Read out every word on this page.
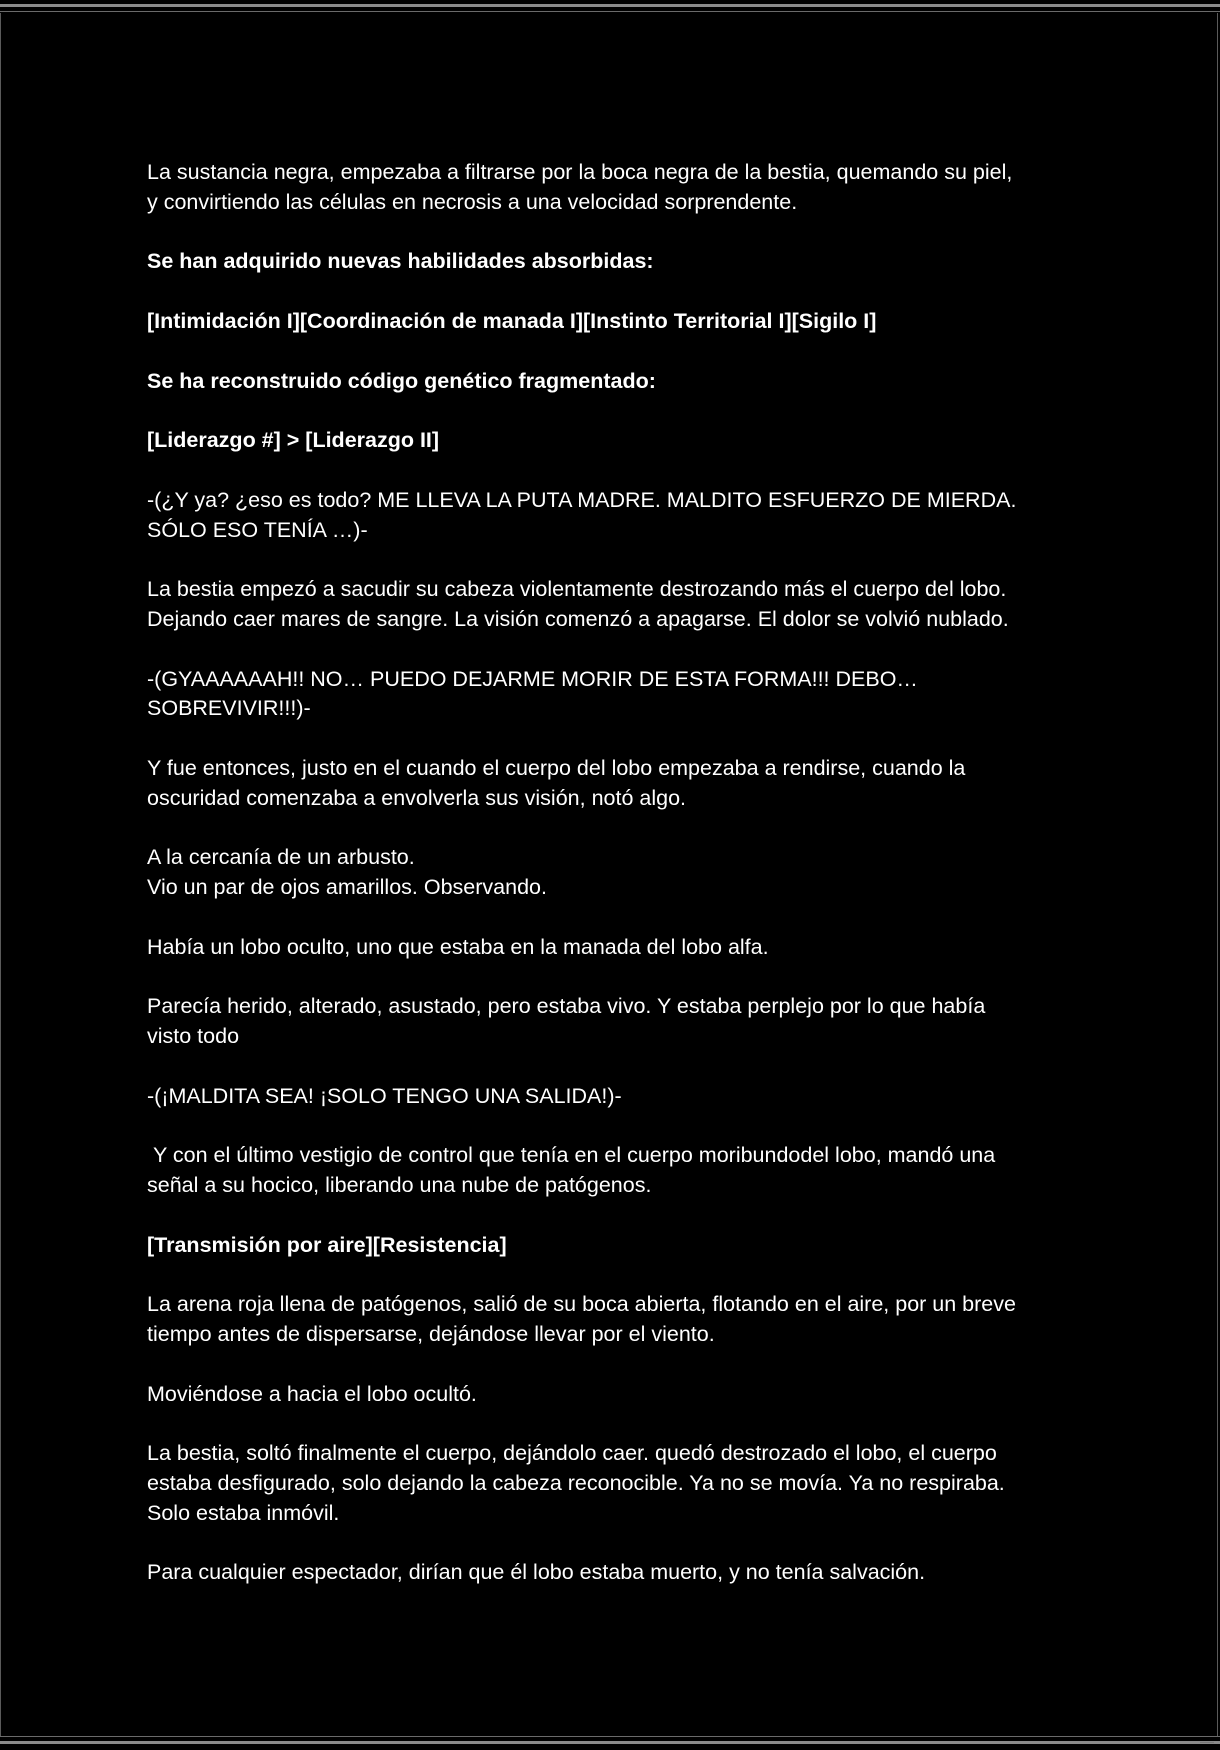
La sustancia negra, empezaba a filtrarse por la boca negra de la bestia, quemando su piel,
y convirtiendo las células en necrosis a una velocidad sorprendente.

Se han adquirido nuevas habilidades absorbidas:

[Intimidación I][Coordinación de manada I][Instinto Territorial I][Sigilo I]

Se ha reconstruido código genético fragmentado:

[Liderazgo #] > [Liderazgo II]

-(¿Y ya? ¿eso es todo? ME LLEVA LA PUTA MADRE. MALDITO ESFUERZO DE MIERDA.
SÓLO ESO TENÍA …)-

La bestia empezó a sacudir su cabeza violentamente destrozando más el cuerpo del lobo.
Dejando caer mares de sangre. La visión comenzó a apagarse. El dolor se volvió nublado.

-(GYAAAAAAH!! NO… PUEDO DEJARME MORIR DE ESTA FORMA!!! DEBO…
SOBREVIVIR!!!)-

Y fue entonces, justo en el cuando el cuerpo del lobo empezaba a rendirse, cuando la
oscuridad comenzaba a envolverla sus visión, notó algo.

A la cercanía de un arbusto.
Vio un par de ojos amarillos. Observando.

Había un lobo oculto, uno que estaba en la manada del lobo alfa.

Parecía herido, alterado, asustado, pero estaba vivo. Y estaba perplejo por lo que había
visto todo

-(¡MALDITA SEA! ¡SOLO TENGO UNA SALIDA!)-

Y con el último vestigio de control que tenía en el cuerpo moribundodel lobo, mandó una
señal a su hocico, liberando una nube de patógenos.

[Transmisión por aire][Resistencia]

La arena roja llena de patógenos, salió de su boca abierta, flotando en el aire, por un breve
tiempo antes de dispersarse, dejándose llevar por el viento.

Moviéndose a hacia el lobo ocultó.

La bestia, soltó finalmente el cuerpo, dejándolo caer. quedó destrozado el lobo, el cuerpo
estaba desfigurado, solo dejando la cabeza reconocible. Ya no se movía. Ya no respiraba.
Solo estaba inmóvil.

Para cualquier espectador, dirían que él lobo estaba muerto, y no tenía salvación.
